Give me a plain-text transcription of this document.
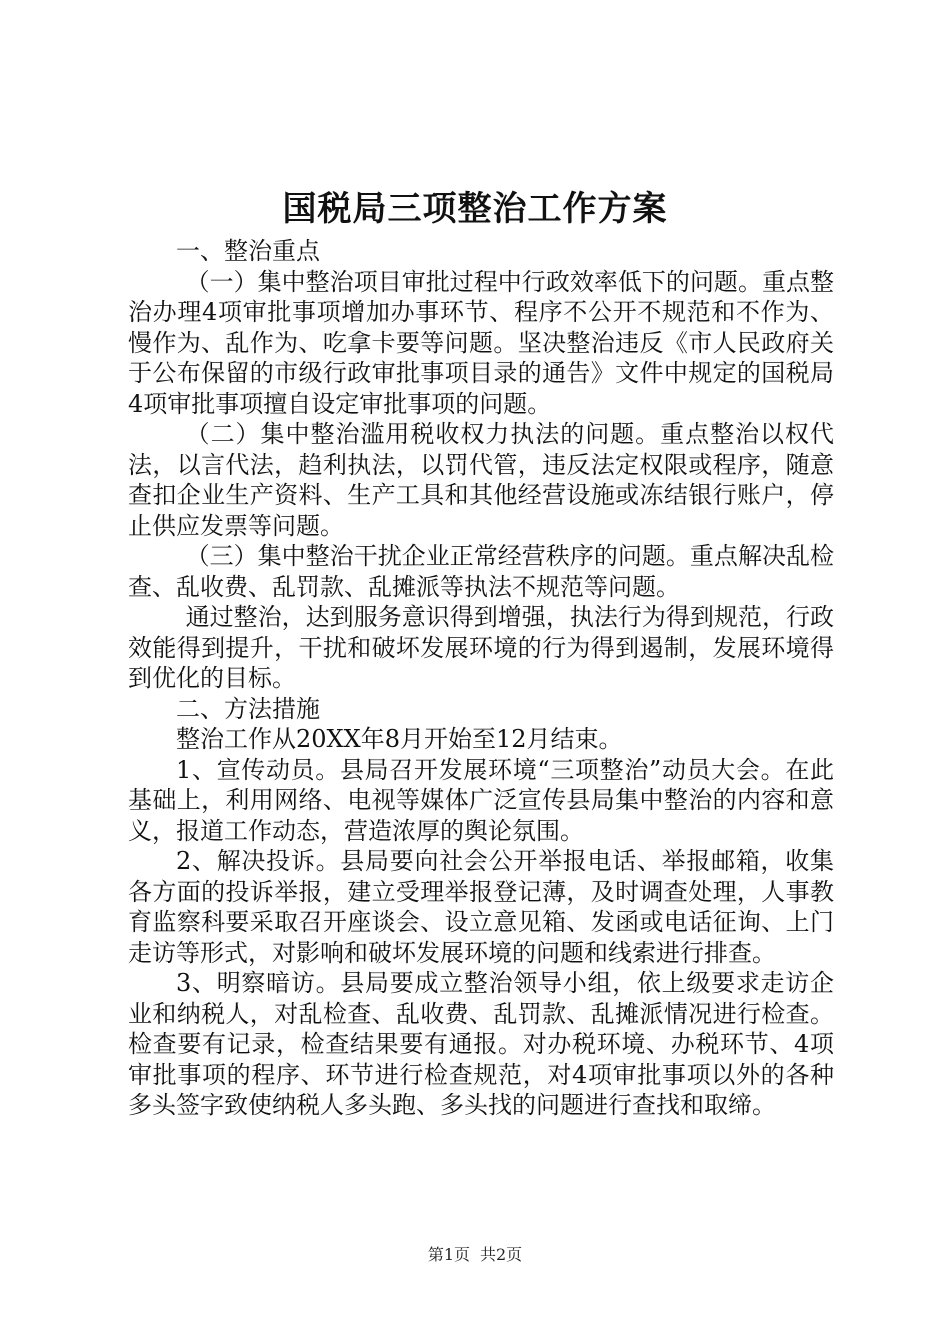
国税局三项整治工作方案

一、整治重点

（一）集中整治项目审批过程中行政效率低下的问题。重点整治办理4项审批事项增加办事环节、程序不公开不规范和不作为、慢作为、乱作为、吃拿卡要等问题。坚决整治违反《市人民政府关于公布保留的市级行政审批事项目录的通告》文件中规定的国税局4项审批事项擅自设定审批事项的问题。

（二）集中整治滥用税收权力执法的问题。重点整治以权代法，以言代法，趋利执法，以罚代管，违反法定权限或程序，随意查扣企业生产资料、生产工具和其他经营设施或冻结银行账户，停止供应发票等问题。

（三）集中整治干扰企业正常经营秩序的问题。重点解决乱检查、乱收费、乱罚款、乱摊派等执法不规范等问题。

通过整治，达到服务意识得到增强，执法行为得到规范，行政效能得到提升，干扰和破坏发展环境的行为得到遏制，发展环境得到优化的目标。

二、方法措施

整治工作从20XX年8月开始至12月结束。

1、宣传动员。县局召开发展环境“三项整治”动员大会。在此基础上，利用网络、电视等媒体广泛宣传县局集中整治的内容和意义，报道工作动态，营造浓厚的舆论氛围。

2、解决投诉。县局要向社会公开举报电话、举报邮箱，收集各方面的投诉举报，建立受理举报登记薄，及时调查处理，人事教育监察科要采取召开座谈会、设立意见箱、发函或电话征询、上门走访等形式，对影响和破坏发展环境的问题和线索进行排查。

3、明察暗访。县局要成立整治领导小组，依上级要求走访企业和纳税人，对乱检查、乱收费、乱罚款、乱摊派情况进行检查。检查要有记录，检查结果要有通报。对办税环境、办税环节、4项审批事项的程序、环节进行检查规范，对4项审批事项以外的各种多头签字致使纳税人多头跑、多头找的问题进行查找和取缔。

第1页 共2页
